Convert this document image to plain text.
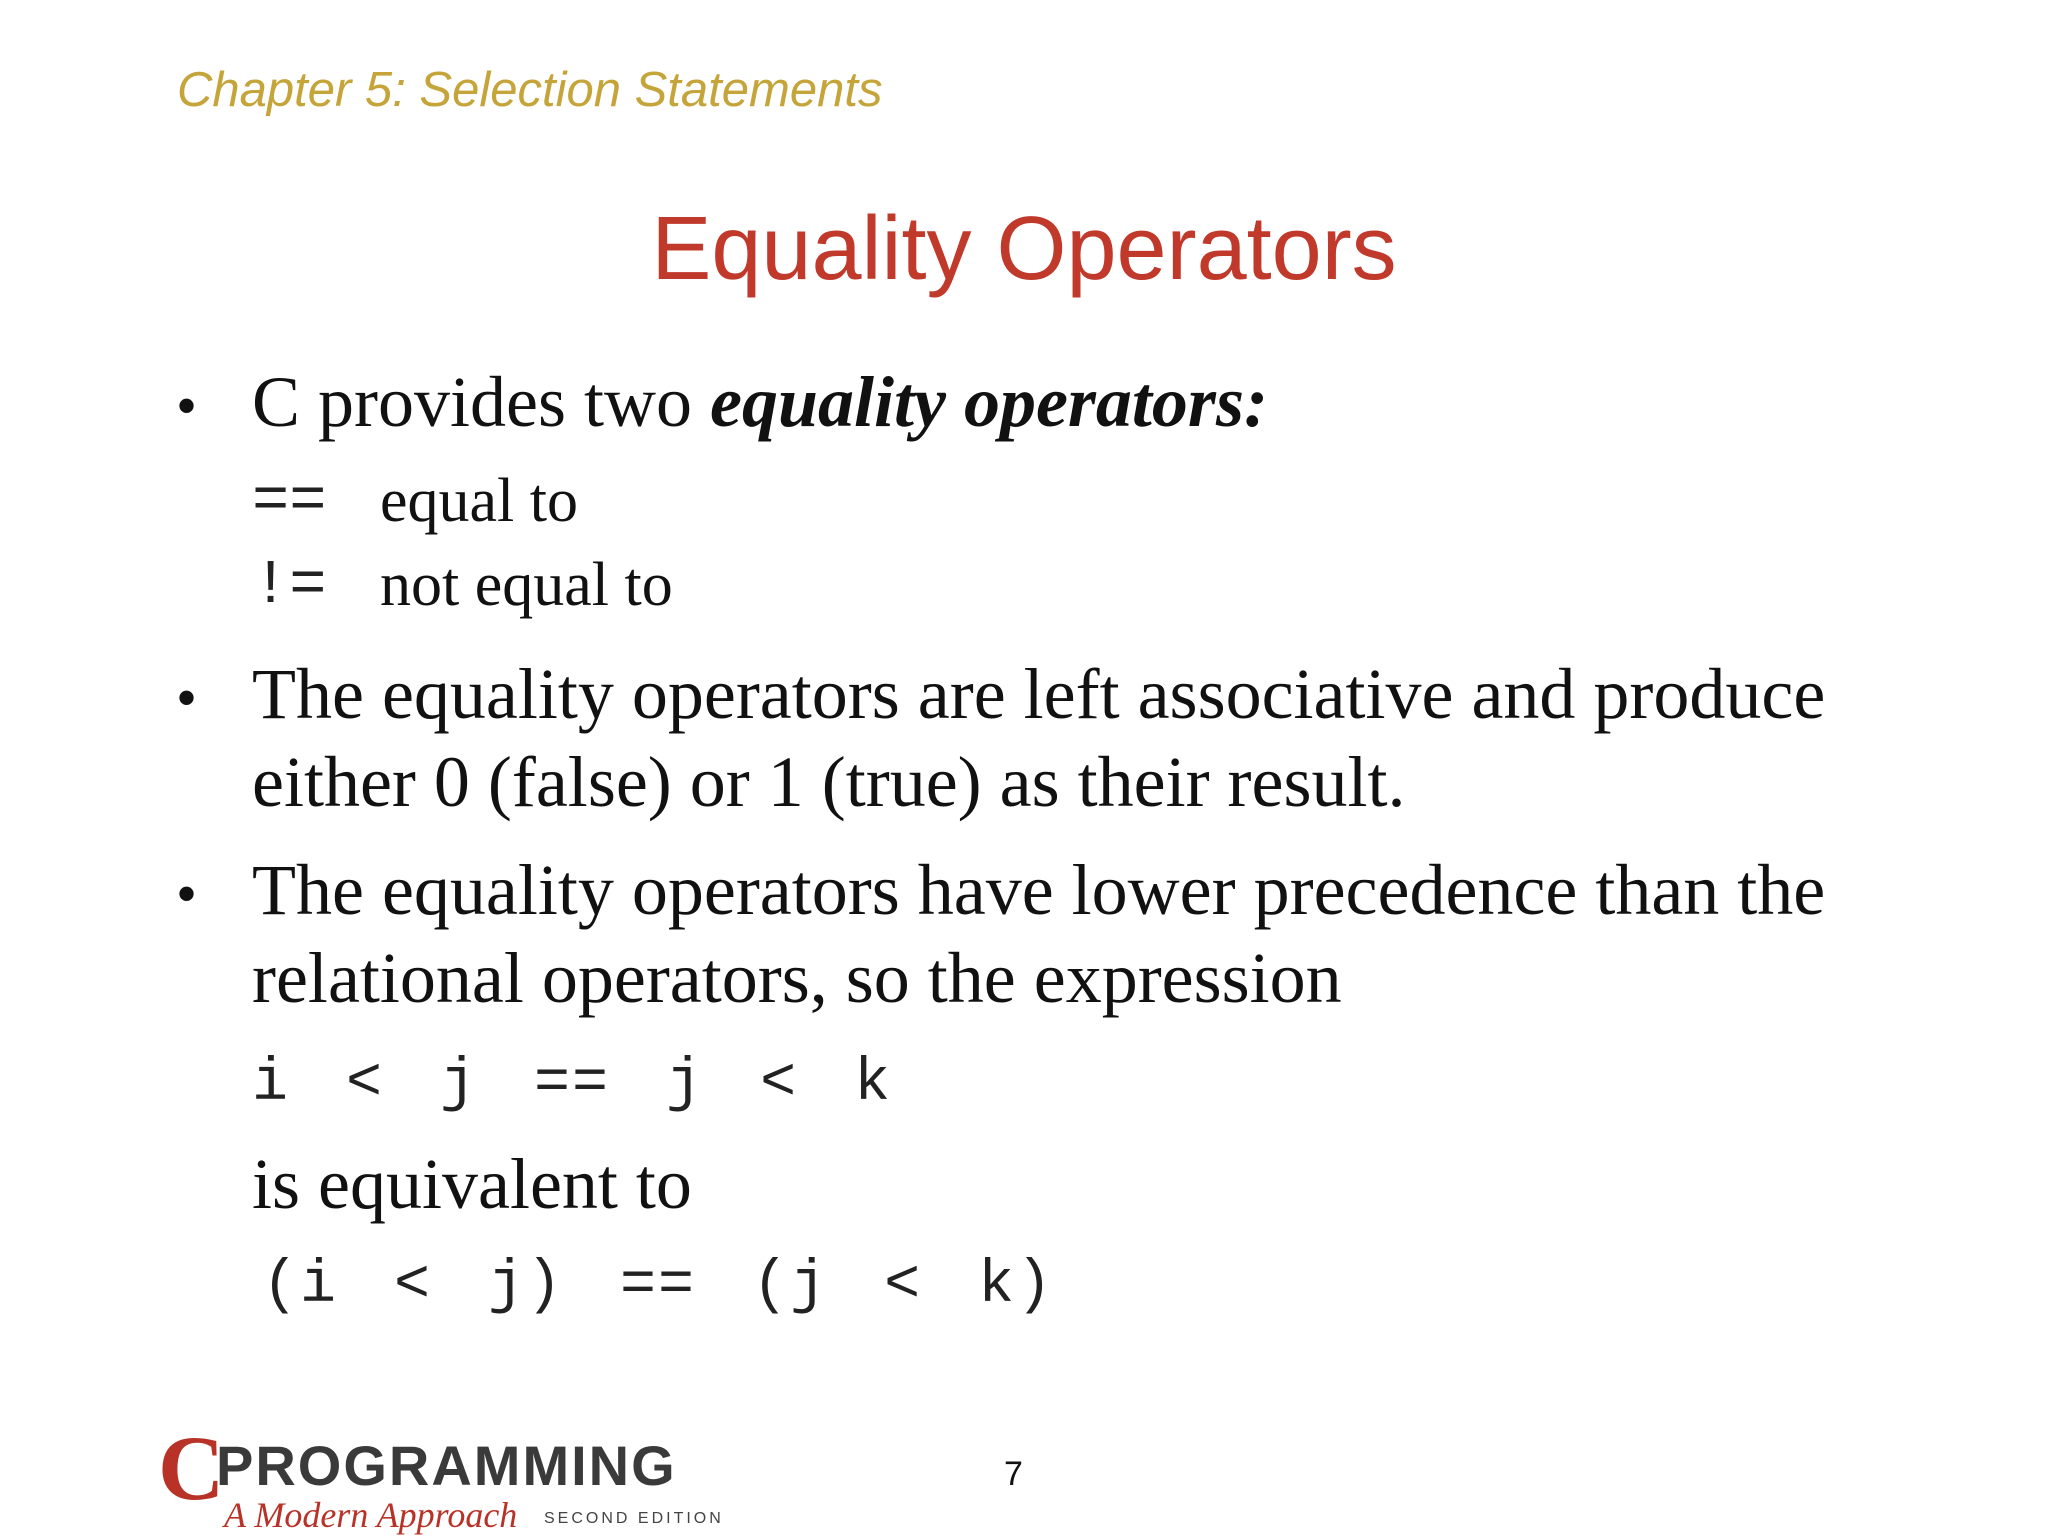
Chapter 5: Selection Statements
Equality Operators
• C provides two equality operators:
== equal to
!= not equal to
• The equality operators are left associative and produce
either 0 (false) or 1 (true) as their result.
• The equality operators have lower precedence than the
relational operators, so the expression
i < j == j < k
is equivalent to
(i < j) == (j < k)
C
PROGRAMMING
A Modern Approach SECOND EDITION
7
